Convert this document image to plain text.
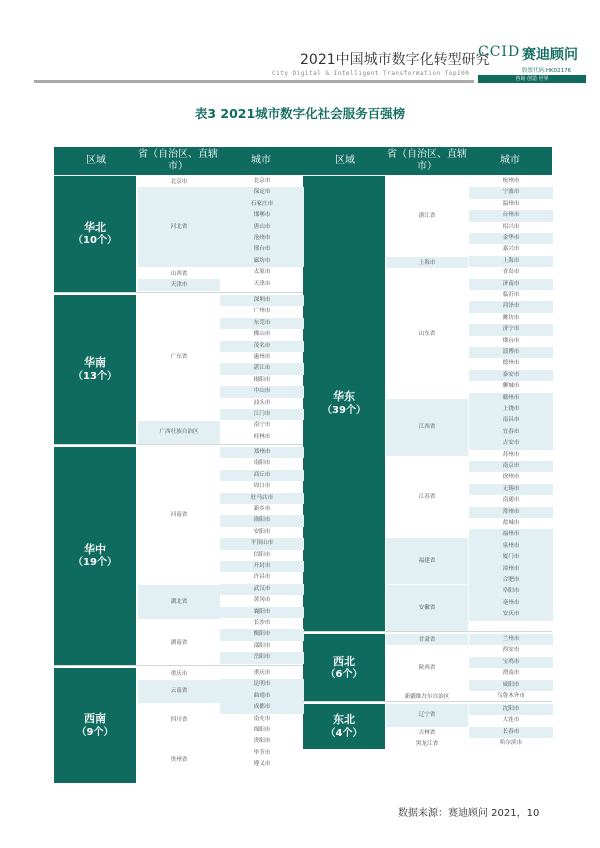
2021中国城市数字化转型研究
City Digital & Intelligent Transformation Top100
CCID 赛迪顾问
股票代码:HK02176
咨询 创造 世界
表3 2021城市数字化社会服务百强榜
区域
省（自治区、直辖市）
城市	区域
省（自治区、直辖市）
城市
华北
（10个）
华南
（13个）
华中
（19个）
西南
（9个）
北京市
河北省
山西省
天津市
广东省
广西壮族自治区
河南省
湖北省
湖南省
重庆市
云南省
四川省
贵州省
华东
（39个）
西北
（6个）
东北
（4个）
浙江省
上海市
山东省
江西省
江苏省
福建省
安徽省
甘肃省
陕西省
新疆维吾尔自治区
辽宁省
吉林省
黑龙江省
北京市
保定市
石家庄市
邯郸市
唐山市
沧州市
邢台市
廊坊市
太原市
天津市
深圳市
广州市
东莞市
佛山市
茂名市
惠州市
湛江市
揭阳市
中山市
汕头市
江门市
南宁市
桂林市
郑州市
南阳市
商丘市
周口市
驻马店市
新乡市
洛阳市
安阳市
平顶山市
信阳市
开封市
许昌市
武汉市
黄冈市
襄阳市
长沙市
衡阳市
邵阳市
岳阳市
重庆市
昆明市
曲靖市
成都市
南充市
绵阳市
贵阳市
毕节市
遵义市
杭州市
宁波市
温州市
台州市
绍兴市
金华市
嘉兴市
上海市
青岛市
济南市
临沂市
菏泽市
潍坊市
济宁市
烟台市
淄博市
德州市
泰安市
聊城市
赣州市
上饶市
南昌市
宜春市
吉安市
苏州市
南京市
徐州市
无锡市
南通市
常州市
盐城市
福州市
泉州市
厦门市
漳州市
合肥市
阜阳市
亳州市
安庆市
兰州市
西安市
宝鸡市
渭南市
咸阳市
乌鲁木齐市
沈阳市
大连市
长春市
哈尔滨市
数据来源：赛迪顾问 2021，10
